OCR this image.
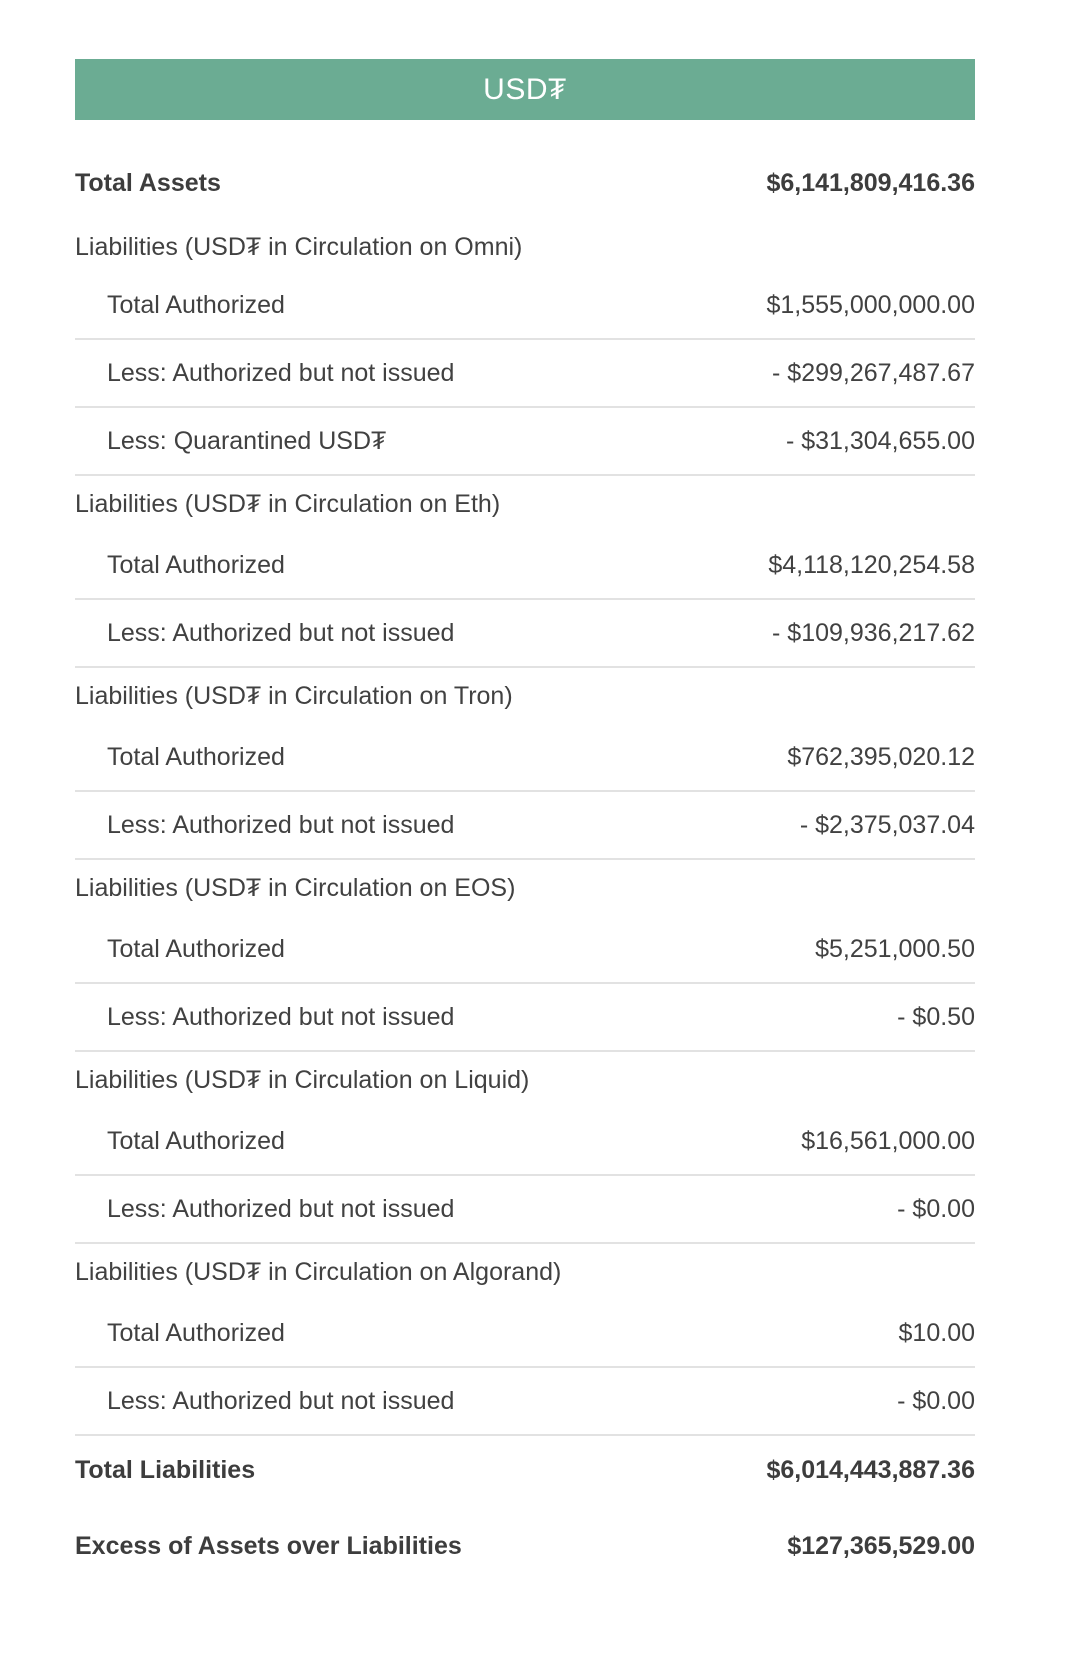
USD₮
Total Assets	$6,141,809,416.36
Liabilities (USD₮ in Circulation on Omni)
Total Authorized	$1,555,000,000.00
Less: Authorized but not issued	- $299,267,487.67
Less: Quarantined USD₮	- $31,304,655.00
Liabilities (USD₮ in Circulation on Eth)
Total Authorized	$4,118,120,254.58
Less: Authorized but not issued	- $109,936,217.62
Liabilities (USD₮ in Circulation on Tron)
Total Authorized	$762,395,020.12
Less: Authorized but not issued	- $2,375,037.04
Liabilities (USD₮ in Circulation on EOS)
Total Authorized	$5,251,000.50
Less: Authorized but not issued	- $0.50
Liabilities (USD₮ in Circulation on Liquid)
Total Authorized	$16,561,000.00
Less: Authorized but not issued	- $0.00
Liabilities (USD₮ in Circulation on Algorand)
Total Authorized	$10.00
Less: Authorized but not issued	- $0.00
Total Liabilities	$6,014,443,887.36
Excess of Assets over Liabilities	$127,365,529.00
